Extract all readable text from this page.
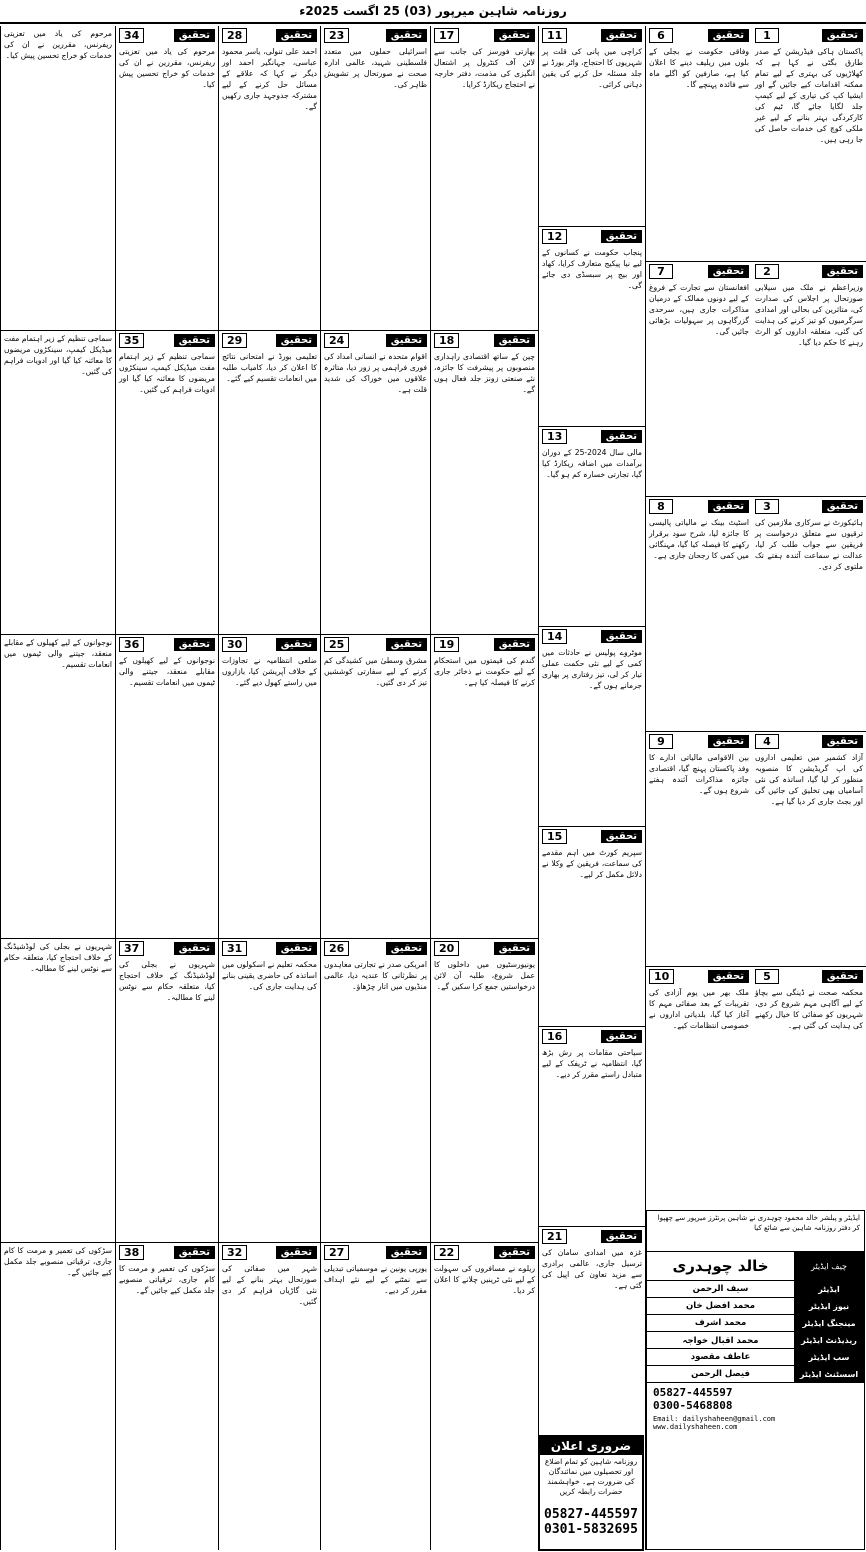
روزنامہ شاہین میرپور (03) 25 اگست 2025ء
1	تحقیق
پاکستان ہاکی فیڈریشن کے صدر طارق بگٹی نے کہا ہے کہ کھلاڑیوں کی بہتری کے لیے تمام ممکنہ اقدامات کیے جائیں گے اور ایشیا کپ کی تیاری کے لیے کیمپ جلد لگایا جائے گا، ٹیم کی کارکردگی بہتر بنانے کے لیے غیر ملکی کوچ کی خدمات حاصل کی جا رہی ہیں۔
2	تحقیق
وزیراعظم نے ملک میں سیلابی صورتحال پر اجلاس کی صدارت کی، متاثرین کی بحالی اور امدادی سرگرمیوں کو تیز کرنے کی ہدایت کی گئی، متعلقہ اداروں کو الرٹ رہنے کا حکم دیا گیا۔
3	تحقیق
ہائیکورٹ نے سرکاری ملازمین کی ترقیوں سے متعلق درخواست پر فریقین سے جواب طلب کر لیا، عدالت نے سماعت آئندہ ہفتے تک ملتوی کر دی۔
4	تحقیق
آزاد کشمیر میں تعلیمی اداروں کی اپ گریڈیشن کا منصوبہ منظور کر لیا گیا، اساتذہ کی نئی آسامیاں بھی تخلیق کی جائیں گی اور بجٹ جاری کر دیا گیا ہے۔
5	تحقیق
محکمہ صحت نے ڈینگی سے بچاؤ کے لیے آگاہی مہم شروع کر دی، شہریوں کو صفائی کا خیال رکھنے کی ہدایت کی گئی ہے۔
6	تحقیق
وفاقی حکومت نے بجلی کے بلوں میں ریلیف دینے کا اعلان کیا ہے، صارفین کو اگلے ماہ سے فائدہ پہنچے گا۔
7	تحقیق
افغانستان سے تجارت کے فروغ کے لیے دونوں ممالک کے درمیان مذاکرات جاری ہیں، سرحدی گزرگاہوں پر سہولیات بڑھائی جائیں گی۔
8	تحقیق
اسٹیٹ بینک نے مالیاتی پالیسی کا جائزہ لیا، شرح سود برقرار رکھنے کا فیصلہ کیا گیا، مہنگائی میں کمی کا رجحان جاری ہے۔
9	تحقیق
بین الاقوامی مالیاتی ادارے کا وفد پاکستان پہنچ گیا، اقتصادی جائزہ مذاکرات آئندہ ہفتے شروع ہوں گے۔
10	تحقیق
ملک بھر میں یوم آزادی کی تقریبات کے بعد صفائی مہم کا آغاز کیا گیا، بلدیاتی اداروں نے خصوصی انتظامات کیے۔
11	تحقیق
کراچی میں پانی کی قلت پر شہریوں کا احتجاج، واٹر بورڈ نے جلد مسئلہ حل کرنے کی یقین دہانی کرائی۔
12	تحقیق
پنجاب حکومت نے کسانوں کے لیے نیا پیکیج متعارف کرایا، کھاد اور بیج پر سبسڈی دی جائے گی۔
13	تحقیق
مالی سال 2024-25 کے دوران برآمدات میں اضافہ ریکارڈ کیا گیا، تجارتی خسارہ کم ہو گیا۔
14	تحقیق
موٹروے پولیس نے حادثات میں کمی کے لیے نئی حکمت عملی تیار کر لی، تیز رفتاری پر بھاری جرمانے ہوں گے۔
15	تحقیق
سپریم کورٹ میں اہم مقدمے کی سماعت، فریقین کے وکلا نے دلائل مکمل کر لیے۔
16	تحقیق
سیاحتی مقامات پر رش بڑھ گیا، انتظامیہ نے ٹریفک کے لیے متبادل راستے مقرر کر دیے۔
21	تحقیق
غزہ میں امدادی سامان کی ترسیل جاری، عالمی برادری سے مزید تعاون کی اپیل کی گئی ہے۔
17	تحقیق
بھارتی فورسز کی جانب سے لائن آف کنٹرول پر اشتعال انگیزی کی مذمت، دفتر خارجہ نے احتجاج ریکارڈ کرایا۔
18	تحقیق
چین کے ساتھ اقتصادی راہداری منصوبوں پر پیشرفت کا جائزہ، نئے صنعتی زونز جلد فعال ہوں گے۔
19	تحقیق
گندم کی قیمتوں میں استحکام کے لیے حکومت نے ذخائر جاری کرنے کا فیصلہ کیا ہے۔
20	تحقیق
یونیورسٹیوں میں داخلوں کا عمل شروع، طلبہ آن لائن درخواستیں جمع کرا سکیں گے۔
22	تحقیق
ریلوے نے مسافروں کی سہولت کے لیے نئی ٹرینیں چلانے کا اعلان کر دیا۔
23	تحقیق
اسرائیلی حملوں میں متعدد فلسطینی شہید، عالمی ادارہ صحت نے صورتحال پر تشویش ظاہر کی۔
24	تحقیق
اقوام متحدہ نے انسانی امداد کی فوری فراہمی پر زور دیا، متاثرہ علاقوں میں خوراک کی شدید قلت ہے۔
25	تحقیق
مشرق وسطیٰ میں کشیدگی کم کرنے کے لیے سفارتی کوششیں تیز کر دی گئیں۔
26	تحقیق
امریکی صدر نے تجارتی معاہدوں پر نظرثانی کا عندیہ دیا، عالمی منڈیوں میں اتار چڑھاؤ۔
27	تحقیق
یورپی یونین نے موسمیاتی تبدیلی سے نمٹنے کے لیے نئے اہداف مقرر کر دیے۔
28	تحقیق
احمد علی تنولی، یاسر محمود عباسی، جہانگیر احمد اور دیگر نے کہا کہ علاقے کے مسائل حل کرنے کے لیے مشترکہ جدوجہد جاری رکھیں گے۔
29	تحقیق
تعلیمی بورڈ نے امتحانی نتائج کا اعلان کر دیا، کامیاب طلبہ میں انعامات تقسیم کیے گئے۔
30	تحقیق
ضلعی انتظامیہ نے تجاوزات کے خلاف آپریشن کیا، بازاروں میں راستے کھول دیے گئے۔
31	تحقیق
محکمہ تعلیم نے اسکولوں میں اساتذہ کی حاضری یقینی بنانے کی ہدایت جاری کی۔
32	تحقیق
شہر میں صفائی کی صورتحال بہتر بنانے کے لیے نئی گاڑیاں فراہم کر دی گئیں۔
34	تحقیق
مرحوم کی یاد میں تعزیتی ریفرنس، مقررین نے ان کی خدمات کو خراج تحسین پیش کیا۔
35	تحقیق
سماجی تنظیم کے زیر اہتمام مفت میڈیکل کیمپ، سینکڑوں مریضوں کا معائنہ کیا گیا اور ادویات فراہم کی گئیں۔
36	تحقیق
نوجوانوں کے لیے کھیلوں کے مقابلے منعقد، جیتنے والی ٹیموں میں انعامات تقسیم۔
37	تحقیق
شہریوں نے بجلی کی لوڈشیڈنگ کے خلاف احتجاج کیا، متعلقہ حکام سے نوٹس لینے کا مطالبہ۔
38	تحقیق
سڑکوں کی تعمیر و مرمت کا کام جاری، ترقیاتی منصوبے جلد مکمل کیے جائیں گے۔
مرحوم کی یاد میں تعزیتی ریفرنس، مقررین نے ان کی خدمات کو خراج تحسین پیش کیا۔
سماجی تنظیم کے زیر اہتمام مفت میڈیکل کیمپ، سینکڑوں مریضوں کا معائنہ کیا گیا اور ادویات فراہم کی گئیں۔
نوجوانوں کے لیے کھیلوں کے مقابلے منعقد، جیتنے والی ٹیموں میں انعامات تقسیم۔
شہریوں نے بجلی کی لوڈشیڈنگ کے خلاف احتجاج کیا، متعلقہ حکام سے نوٹس لینے کا مطالبہ۔
سڑکوں کی تعمیر و مرمت کا کام جاری، ترقیاتی منصوبے جلد مکمل کیے جائیں گے۔
ایڈیٹر و پبلشر خالد محمود چوہدری نے شاہین پرنٹرز میرپور سے چھپوا کر دفتر روزنامہ شاہین سے شائع کیا
خالد چوہدری	چیف ایڈیٹر
سیف الرحمن	ایڈیٹر
محمد افضل خان	نیوز ایڈیٹر
محمد اشرف	مینجنگ ایڈیٹر
محمد اقبال خواجہ	ریذیڈنٹ ایڈیٹر
عاطف مقصود	سب ایڈیٹر
فیصل الرحمن	اسسٹنٹ ایڈیٹر
05827-445597
0300-5468808
Email: dailyshaheen@gmail.com
www.dailyshaheen.com
ضروری اعلان
روزنامہ شاہین کو تمام اضلاع اور تحصیلوں میں نمائندگان کی ضرورت ہے۔ خواہشمند حضرات رابطہ کریں
05827-445597
0301-5832695
